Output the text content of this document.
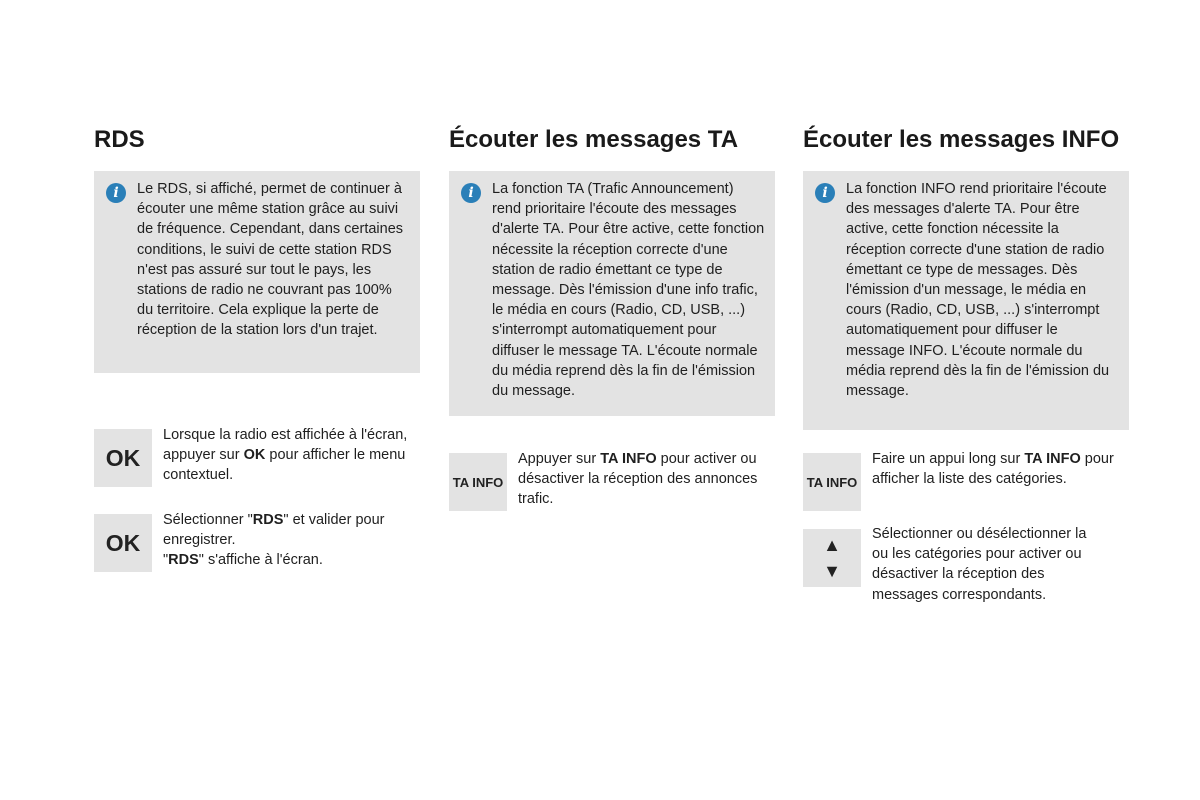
RDS
i	Le RDS, si affiché, permet de continuer à écouter une même station grâce au suivi de fréquence. Cependant, dans certaines conditions, le suivi de cette station RDS n'est pas assuré sur tout le pays, les stations de radio ne couvrant pas 100% du territoire. Cela explique la perte de réception de la station lors d'un trajet.
OK
Lorsque la radio est affichée à l'écran, appuyer sur OK pour afficher le menu contextuel.
OK
Sélectionner "RDS" et valider pour enregistrer.
"RDS" s'affiche à l'écran.
Écouter les messages TA
i	La fonction TA (Trafic Announcement) rend prioritaire l'écoute des messages d'alerte TA. Pour être active, cette fonction nécessite la réception correcte d'une station de radio émettant ce type de message. Dès l'émission d'une info trafic, le média en cours (Radio, CD, USB, ...) s'interrompt automatiquement pour diffuser le message TA. L'écoute normale du média reprend dès la fin de l'émission du message.
TA INFO
Appuyer sur TA INFO pour activer ou désactiver la réception des annonces trafic.
Écouter les messages INFO
i	La fonction INFO rend prioritaire l'écoute des messages d'alerte TA. Pour être active, cette fonction nécessite la réception correcte d'une station de radio émettant ce type de messages. Dès l'émission d'un message, le média en cours (Radio, CD, USB, ...) s'interrompt automatiquement pour diffuser le message INFO. L'écoute normale du média reprend dès la fin de l'émission du message.
TA INFO
Faire un appui long sur TA INFO pour afficher la liste des catégories.
▲
▼
Sélectionner ou désélectionner la ou les catégories pour activer ou désactiver la réception des messages correspondants.
